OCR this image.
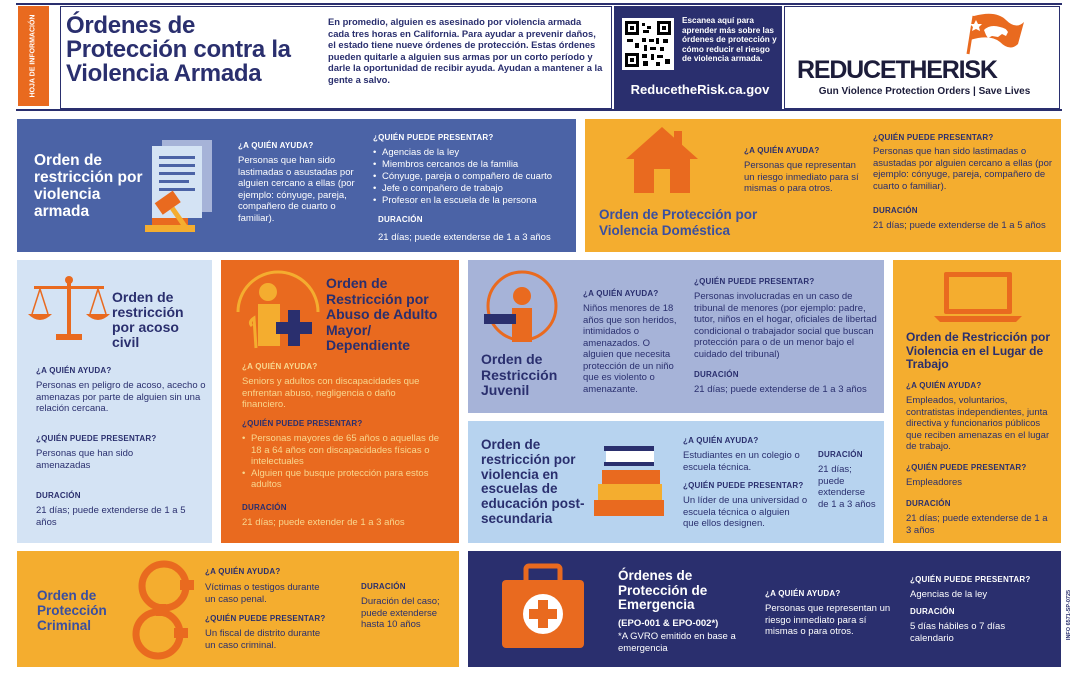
HOJA DE INFORMACIÓN Órdenes de Protección contra la Violencia Armada
En promedio, alguien es asesinado por violencia armada cada tres horas en California. Para ayudar a prevenir daños, el estado tiene nueve órdenes de protección. Estas órdenes pueden quitarle a alguien sus armas por un corto período y darle la oportunidad de recibir ayuda. Ayudan a mantener a la gente a salvo.
Escanea aquí para aprender más sobre las órdenes de protección y cómo reducir el riesgo de violencia armada.
ReducetheRisk.ca.gov
REDUCETHERISK
Gun Violence Protection Orders | Save Lives
Orden de restricción por violencia armada
¿A QUIÉN AYUDA?
Personas que han sido lastimadas o asustadas por alguien cercano a ellas (por ejemplo: cónyuge, pareja, compañero de cuarto o familiar).
¿QUIÉN PUEDE PRESENTAR?
• Agencias de la ley
• Miembros cercanos de la familia
• Cónyuge, pareja o compañero de cuarto
• Jefe o compañero de trabajo
• Profesor en la escuela de la persona
DURACIÓN
21 días; puede extenderse de 1 a 3 años
Orden de Protección por Violencia Doméstica
¿A QUIÉN AYUDA?
Personas que representan un riesgo inmediato para sí mismas o para otros.
¿QUIÉN PUEDE PRESENTAR?
Personas que han sido lastimadas o asustadas por alguien cercano a ellas (por ejemplo: cónyuge, pareja, compañero de cuarto o familiar).
DURACIÓN
21 días; puede extenderse de 1 a 5 años
Orden de restricción por acoso civil
¿A QUIÉN AYUDA?
Personas en peligro de acoso, acecho o amenazas por parte de alguien sin una relación cercana.
¿QUIÉN PUEDE PRESENTAR?
Personas que han sido amenazadas
DURACIÓN
21 días; puede extenderse de 1 a 5 años
Orden de Restricción por Abuso de Adulto Mayor/ Dependiente
¿A QUIÉN AYUDA?
Seniors y adultos con discapacidades que enfrentan abuso, negligencia o daño financiero.
¿QUIÉN PUEDE PRESENTAR?
• Personas mayores de 65 años o aquellas de 18 a 64 años con discapacidades físicas o intelectuales
• Alguien que busque protección para estos adultos
DURACIÓN
21 días; puede extender de 1 a 3 años
Orden de Restricción Juvenil
¿A QUIÉN AYUDA?
Niños menores de 18 años que son heridos, intimidados o amenazados. O alguien que necesita protección de un niño que es violento o amenazante.
¿QUIÉN PUEDE PRESENTAR?
Personas involucradas en un caso de tribunal de menores (por ejemplo: padre, tutor, niños en el hogar, oficiales de libertad condicional o trabajador social que buscan protección para o de un menor bajo el cuidado del tribunal)
DURACIÓN
21 días; puede extenderse de 1 a 3 años
Orden de restricción por violencia en escuelas de educación post-secundaria
¿A QUIÉN AYUDA?
Estudiantes en un colegio o escuela técnica.
¿QUIÉN PUEDE PRESENTAR?
Un líder de una universidad o escuela técnica o alguien que ellos designen.
DURACIÓN
21 días; puede extenderse de 1 a 3 años
Orden de Restricción por Violencia en el Lugar de Trabajo
¿A QUIÉN AYUDA?
Empleados, voluntarios, contratistas independientes, junta directiva y funcionarios públicos que reciben amenazas en el lugar de trabajo.
¿QUIÉN PUEDE PRESENTAR?
Empleadores
DURACIÓN
21 días; puede extenderse de 1 a 3 años
Orden de Protección Criminal
¿A QUIÉN AYUDA?
Víctimas o testigos durante un caso penal.
¿QUIÉN PUEDE PRESENTAR?
Un fiscal de distrito durante un caso criminal.
DURACIÓN
Duración del caso; puede extenderse hasta 10 años
Órdenes de Protección de Emergencia
(EPO-001 & EPO-002*)
*A GVRO emitido en base a emergencia
¿A QUIÉN AYUDA?
Personas que representan un riesgo inmediato para sí mismas o para otros.
¿QUIÉN PUEDE PRESENTAR?
Agencias de la ley
DURACIÓN
5 días hábiles o 7 días calendario	INFO 6571-SP-0725
